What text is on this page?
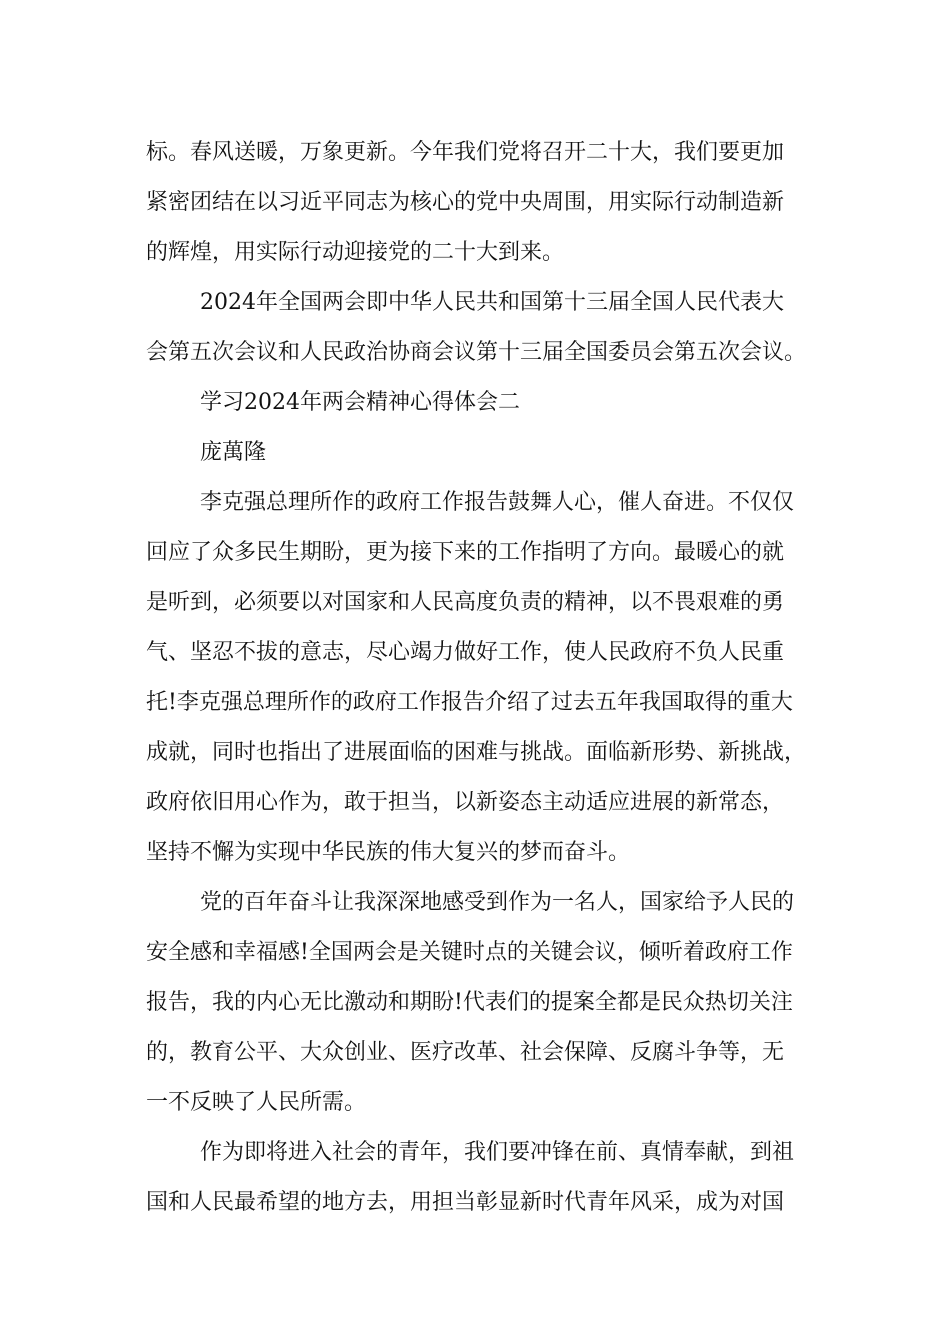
标。春风送暖，万象更新。今年我们党将召开二十大，我们要更加
紧密团结在以习近平同志为核心的党中央周围，用实际行动制造新
的辉煌，用实际行动迎接党的二十大到来。
2024年全国两会即中华人民共和国第十三届全国人民代表大
会第五次会议和人民政治协商会议第十三届全国委员会第五次会议。
学习2024年两会精神心得体会二
庞萬隆
李克强总理所作的政府工作报告鼓舞人心，催人奋进。不仅仅
回应了众多民生期盼，更为接下来的工作指明了方向。最暖心的就
是听到，必须要以对国家和人民高度负责的精神，以不畏艰难的勇
气、坚忍不拔的意志，尽心竭力做好工作，使人民政府不负人民重
托!李克强总理所作的政府工作报告介绍了过去五年我国取得的重大
成就，同时也指出了进展面临的困难与挑战。面临新形势、新挑战，
政府依旧用心作为，敢于担当，以新姿态主动适应进展的新常态，
坚持不懈为实现中华民族的伟大复兴的梦而奋斗。
党的百年奋斗让我深深地感受到作为一名人，国家给予人民的
安全感和幸福感!全国两会是关键时点的关键会议，倾听着政府工作
报告，我的内心无比激动和期盼!代表们的提案全都是民众热切关注
的，教育公平、大众创业、医疗改革、社会保障、反腐斗争等，无
一不反映了人民所需。
作为即将进入社会的青年，我们要冲锋在前、真情奉献，到祖
国和人民最希望的地方去，用担当彰显新时代青年风采，成为对国
